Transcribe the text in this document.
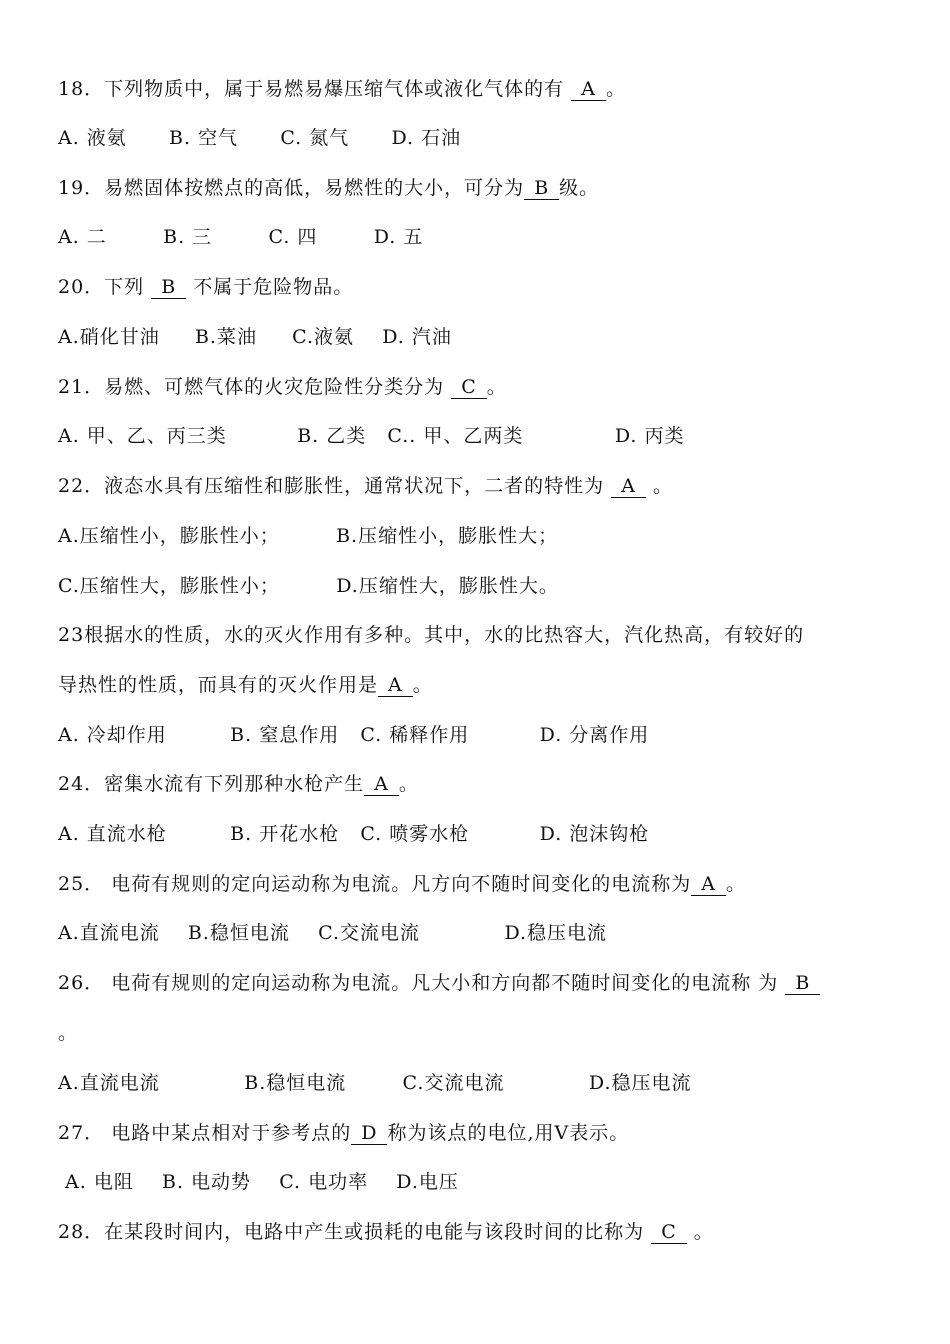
18．下列物质中，属于易燃易爆压缩气体或液化气体的有 A 。
A. 液氨      B. 空气      C. 氮气      D. 石油
19．易燃固体按燃点的高低，易燃性的大小，可分为 B 级。
A. 二        B. 三        C. 四        D. 五
20．下列 B 不属于危险物品。
A.硝化甘油     B.菜油     C.液氨    D. 汽油
21．易燃、可燃气体的火灾危险性分类分为 C 。
A. 甲、乙、丙三类          B. 乙类   C.. 甲、乙两类             D. 丙类
22．液态水具有压缩性和膨胀性，通常状况下，二者的特性为 A 。
A.压缩性小，膨胀性小；        B.压缩性小，膨胀性大；
C.压缩性大，膨胀性小；        D.压缩性大，膨胀性大。
23根据水的性质，水的灭火作用有多种。其中，水的比热容大，汽化热高，有较好的
导热性的性质，而具有的灭火作用是 A 。
A. 冷却作用         B. 窒息作用   C. 稀释作用          D. 分离作用
24．密集水流有下列那种水枪产生 A 。
A. 直流水枪         B. 开花水枪   C. 喷雾水枪          D. 泡沫钩枪
25． 电荷有规则的定向运动称为电流。凡方向不随时间变化的电流称为 A 。
A.直流电流    B.稳恒电流    C.交流电流            D.稳压电流
26． 电荷有规则的定向运动称为电流。凡大小和方向都不随时间变化的电流称 为 B
。
A.直流电流            B.稳恒电流        C.交流电流            D.稳压电流
27． 电路中某点相对于参考点的 D 称为该点的电位,用V表示。
A. 电阻    B. 电动势    C. 电功率    D.电压
28．在某段时间内，电路中产生或损耗的电能与该段时间的比称为 C 。
